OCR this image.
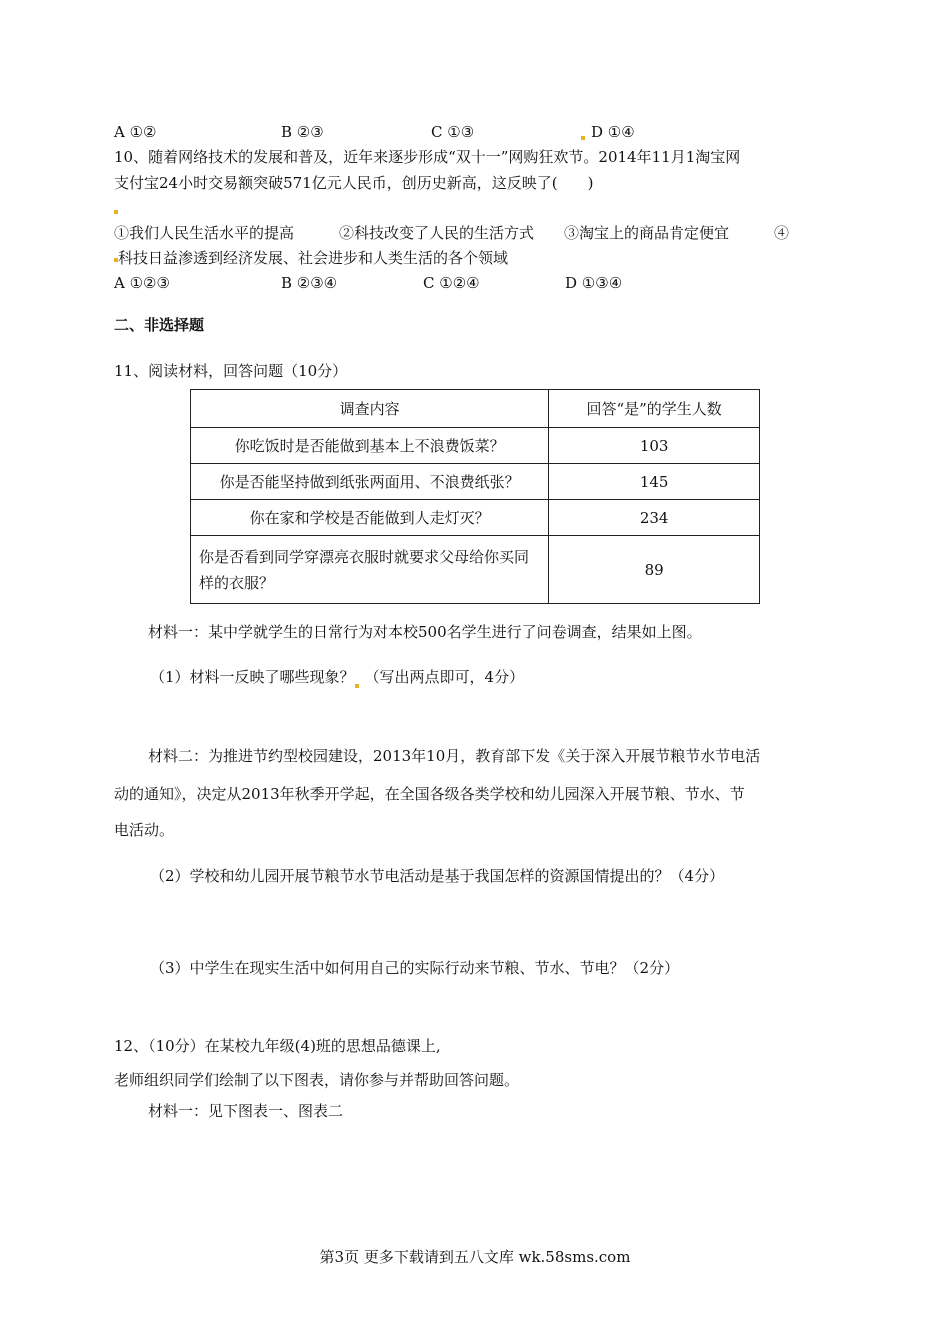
A ①②	B ②③	C ①③	D ①④
10、随着网络技术的发展和普及，近年来逐步形成“双十一”网购狂欢节。2014年11月1淘宝网
支付宝24小时交易额突破571亿元人民币，创历史新高，这反映了(　　)
①我们人民生活水平的提高　　　②科技改变了人民的生活方式　　③淘宝上的商品肯定便宜　　　④
科技日益渗透到经济发展、社会进步和人类生活的各个领域
A ①②③	B ②③④	C ①②④	D ①③④
二、非选择题
11、阅读材料，回答问题（10分）
调查内容	回答“是”的学生人数
你吃饭时是否能做到基本上不浪费饭菜？	103
你是否能坚持做到纸张两面用、不浪费纸张？	145
你在家和学校是否能做到人走灯灭？	234
你是否看到同学穿漂亮衣服时就要求父母给你买同样的衣服？	89
材料一：某中学就学生的日常行为对本校500名学生进行了问卷调查，结果如上图。
（1）材料一反映了哪些现象？ （写出两点即可，4分）
材料二：为推进节约型校园建设，2013年10月，教育部下发《关于深入开展节粮节水节电活
动的通知》，决定从2013年秋季开学起，在全国各级各类学校和幼儿园深入开展节粮、节水、节
电活动。
（2）学校和幼儿园开展节粮节水节电活动是基于我国怎样的资源国情提出的？（4分）
（3）中学生在现实生活中如何用自己的实际行动来节粮、节水、节电？（2分）
12、（10分）在某校九年级(4)班的思想品德课上,
老师组织同学们绘制了以下图表，请你参与并帮助回答问题。
材料一：见下图表一、图表二
第3页 更多下载请到五八文库 wk.58sms.com
